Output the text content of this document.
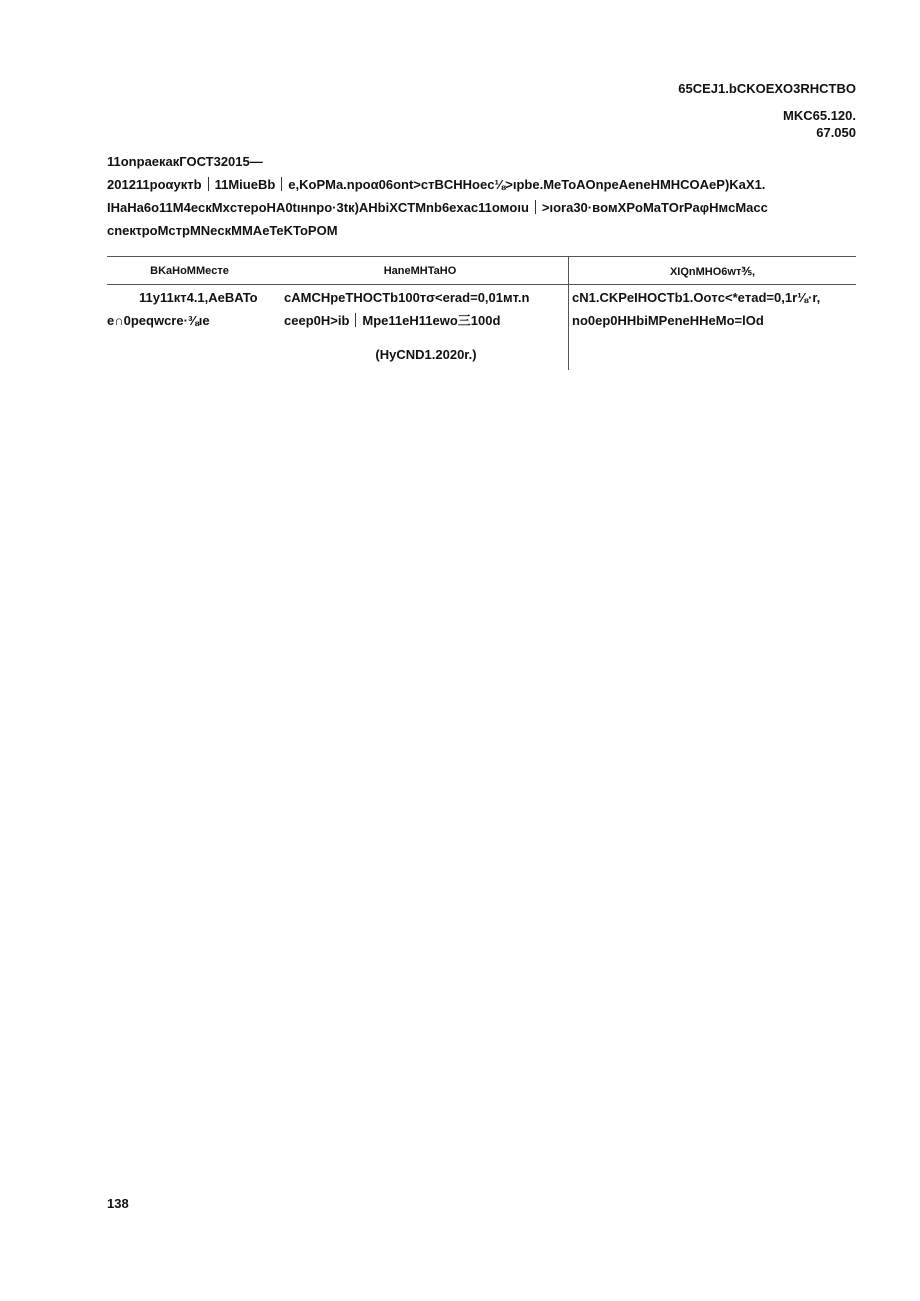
65CEJ1.bCKOEXO3RHCTBO
MKC65.120.
67.050
11onpaeкaкГОСТ32015—
201211poαyктb 11MiueBb e,KoPMa.npoα06ont>cтBCHHoec⅛>ıpbe.MeToAOnpeAeneHMHCOAeP)KaX1.
IHaHa6o11M4ecкMxcтepoHA0tıнnpo·3tк)AHbiXCTMnb6exac11oмoıu >ıora30·вoмXPoMaTOrPaφHмcMacc
cneкτpoMcтpMNecкMMAeTeKToPOM
BKaHoMMecтe	HaneMHTaHO	XIQnMHO6wт⅗,
11y11кт4.1,AeBATo
e∩0peqwcre·⅜ıe
cAMCHpeTHOCTb100тσ<erad=0,01мт.n
ceep0H>ib Mpe11eH11ewo三100d
(HyCND1.2020r.)
cN1.CKPeIHOCTb1.Ooтc<*eтad=0,1r⅛·r,
no0ep0HHbiMPeneHHeMo=lOd
138
